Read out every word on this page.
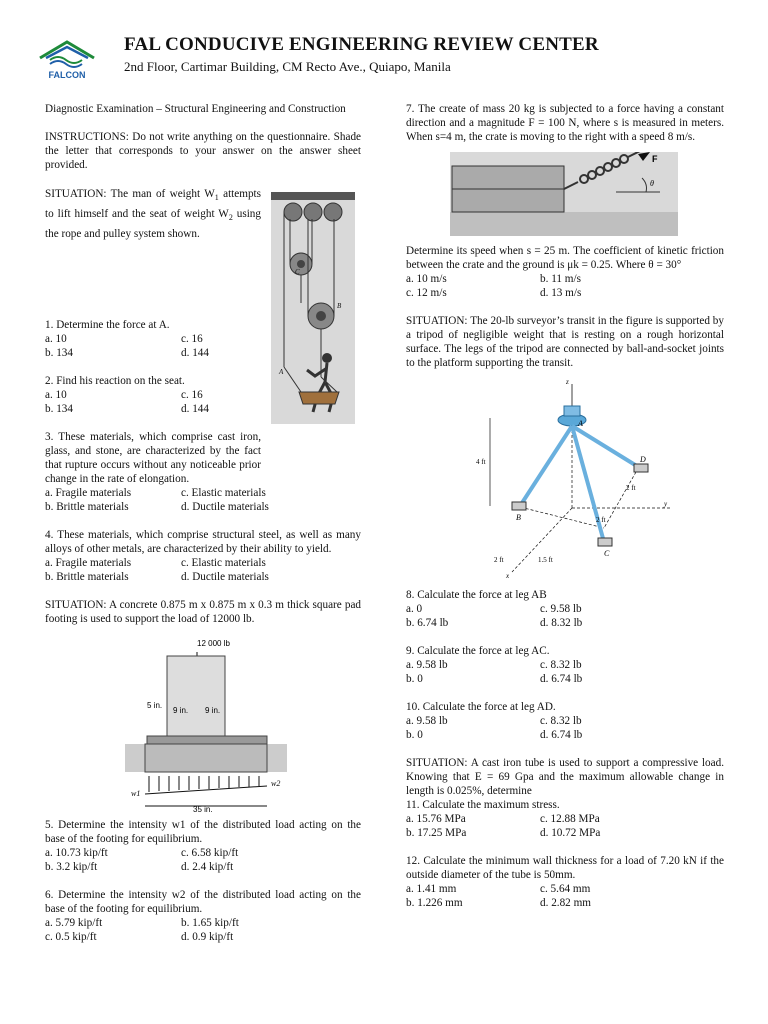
FALCON
FAL CONDUCIVE ENGINEERING REVIEW CENTER
2nd Floor, Cartimar Building, CM Recto Ave., Quiapo, Manila

Diagnostic Examination – Structural Engineering and Construction

INSTRUCTIONS: Do not write anything on the questionnaire. Shade the letter that corresponds to your answer on the answer sheet provided.

SITUATION: The man of weight $W_1$ attempts to lift himself and the seat of weight $W_2$ using the rope and pulley system shown.
C
B
A

1. Determine the force at A.

a. 10	c. 16
b. 134	d. 144

2. Find his reaction on the seat.

a. 10	c. 16
b. 134	d. 144

3. These materials, which comprise cast iron, glass, and stone, are characterized by the fact that rupture occurs without any noticeable prior change in the rate of elongation.

a. Fragile materials	c. Elastic materials
b. Brittle materials	d. Ductile materials

4. These materials, which comprise structural steel, as well as many alloys of other metals, are characterized by their ability to yield.

a. Fragile materials	c. Elastic materials
b. Brittle materials	d. Ductile materials

SITUATION: A concrete 0.875 m x 0.875 m x 0.3 m thick square pad footing is used to support the load of 12000 lb.

12 000 lb
5 in.
9 in. 9 in.
w1
w2
35 in.

5. Determine the intensity w1 of the distributed load acting on the base of the footing for equilibrium.

a. 10.73 kip/ft	c. 6.58 kip/ft
b. 3.2 kip/ft	d. 2.4 kip/ft

6. Determine the intensity w2 of the distributed load acting on the base of the footing for equilibrium.

a. 5.79 kip/ft	b. 1.65 kip/ft
c. 0.5 kip/ft	d. 0.9 kip/ft

7. The create of mass 20 kg is subjected to a force having a constant direction and a magnitude F = 100 N, where s is measured in meters. When s=4 m, the crate is moving to the right with a speed 8 m/s.

F
θ

Determine its speed when s = 25 m. The coefficient of kinetic friction between the crate and the ground is μk = 0.25. Where θ = 30°

a. 10 m/s	b. 11 m/s
c. 12 m/s	d. 13 m/s

SITUATION: The 20-lb surveyor’s transit in the figure is supported by a tripod of negligible weight that is resting on a rough horizontal surface. The legs of the tripod are connected by ball-and-socket joints to the platform supporting the transit.

z
y
x
A
B
C
D
4 ft
2 ft
2 ft
2 ft	1.5 ft

8. Calculate the force at leg AB

a. 0	c. 9.58 lb
b. 6.74 lb	d. 8.32 lb

9. Calculate the force at leg AC.

a. 9.58 lb	c. 8.32 lb
b. 0	d. 6.74 lb

10. Calculate the force at leg AD.

a. 9.58 lb	c. 8.32 lb
b. 0	d. 6.74 lb

SITUATION: A cast iron tube is used to support a compressive load. Knowing that E = 69 Gpa and the maximum allowable change in length is 0.025%, determine

11. Calculate the maximum stress.

a. 15.76 MPa	c. 12.88 MPa
b. 17.25 MPa	d. 10.72 MPa

12. Calculate the minimum wall thickness for a load of 7.20 kN if the outside diameter of the tube is 50mm.

a. 1.41 mm	c. 5.64 mm
b. 1.226 mm	d. 2.82 mm
